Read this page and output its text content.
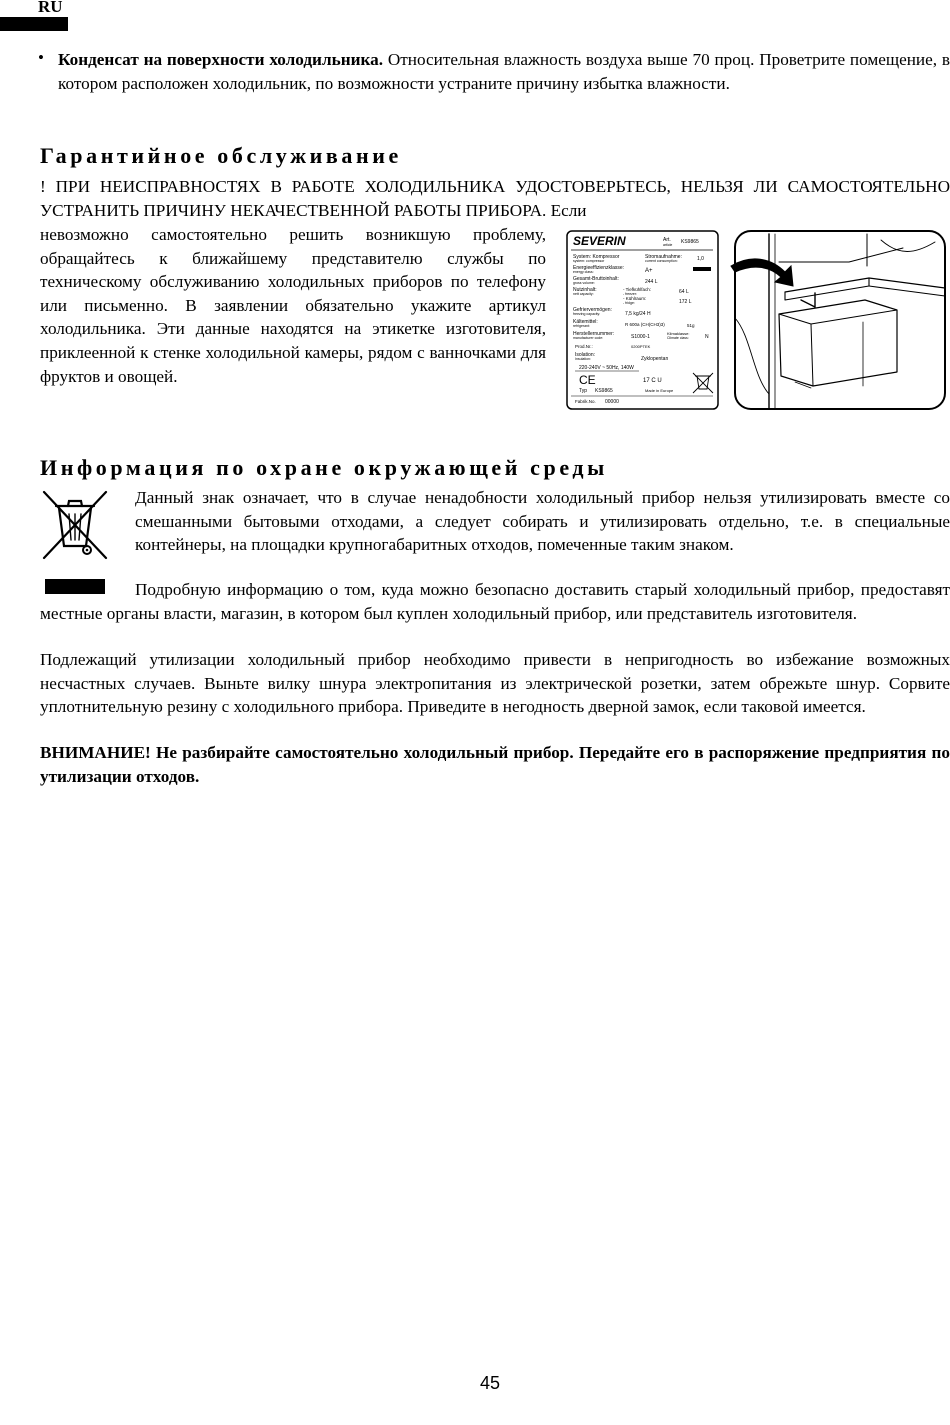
RU
• Конденсат на поверхности холодильника. Относительная влажность воздуха выше 70 проц. Проветрите помещение, в котором расположен холодильник, по возможности устраните причину избытка влажности.
Гарантийное обслуживание
! ПРИ НЕИСПРАВНОСТЯХ В РАБОТЕ ХОЛОДИЛЬНИКА УДОСТОВЕРЬТЕСЬ, НЕЛЬЗЯ ЛИ САМОСТОЯТЕЛЬНО УСТРАНИТЬ ПРИЧИНУ НЕКАЧЕСТВЕННОЙ РАБОТЫ ПРИБОРА. Если
невозможно самостоятельно решить возникшую проблему, обращайтесь к ближайшему представителю службы по техническому обслуживанию холодильных приборов по телефону или письменно. В заявлении обязательно укажите артикул холодильника. Эти данные находятся на этикетке изготовителя, приклеенной к стенке холодильной камеры, рядом с ванночками для фруктов и овощей.
SEVERIN	Art.
article KS9865
System: Kompressor
system: compressor
Stromaufnahme:
current consumption:	1,0
Energieeffizienzklasse:
energy class:	A+
Gesamt-Bruttoinhalt:
gross volume:	244 L
Nutzinhalt:
nett capacity:
- Tiefkühlfach:
- freezer:	64 L
- Kühlraum:
- fridge:	172 L
Gefriervermögen:
freezing capacity:	7,5 kg/24 H
Kältemittel:
refrigerant:	R 600a (CH(CH3)3)	51g
Herstellernummer:
manufacturer code:	S1000-1
Klimaklasse:
Climate class:	N
Prod.Nr.:	0200PTEK
Isolation:
Insulation:	Zyklopentan
220-240V ~ 50Hz, 140W
CE	17 C U
Typ KS9865	Made in Europe
Fabrik.No. 00000
Информация по охране окружающей среды
Данный знак означает, что в случае ненадобности холодильный прибор нельзя утилизировать вместе со смешанными бытовыми отходами, а следует собирать и утилизировать отдельно, т.е. в специальные контейнеры, на площадки крупногабаритных отходов, помеченные таким знаком.
Подробную информацию о том, куда можно безопасно доставить старый холодильный прибор, предоставят местные органы власти, магазин, в котором был куплен холодильный прибор, или представитель изготовителя.
Подлежащий утилизации холодильный прибор необходимо привести в непригодность во избежание возможных несчастных случаев. Выньте вилку шнура электропитания из электрической розетки, затем обрежьте шнур. Сорвите уплотнительную резину с холодильного прибора. Приведите в негодность дверной замок, если таковой имеется.
ВНИМАНИЕ! Не разбирайте самостоятельно холодильный прибор. Передайте его в распоряжение предприятия по утилизации отходов.
45
